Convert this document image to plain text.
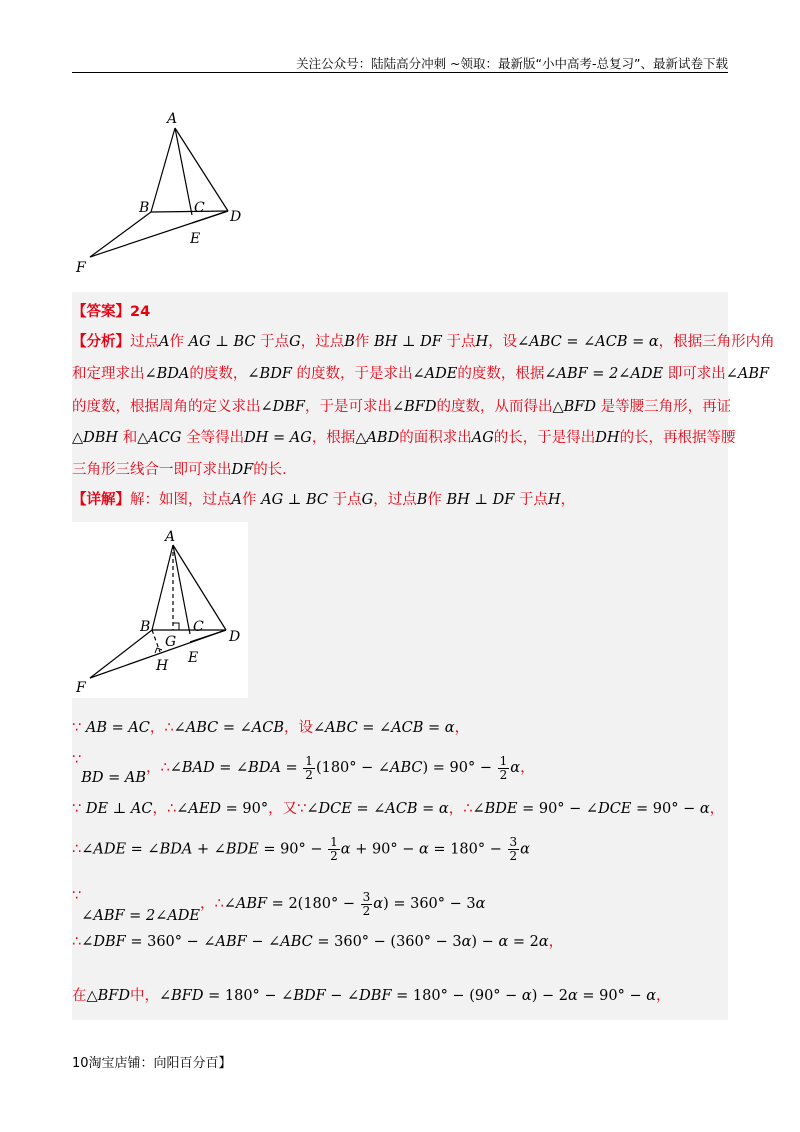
关注公众号：陆陆高分冲刺 ~领取：最新版“小中高考-总复习”、最新试卷下载
A
B	C
D
E
F
【答案】24
【分析】过点A作 AG ⊥ BC 于点G，过点B作 BH ⊥ DF 于点H，设∠ABC = ∠ACB = α，根据三角形内角
和定理求出∠BDA的度数，∠BDF 的度数，于是求出∠ADE的度数，根据∠ABF = 2∠ADE 即可求出∠ABF
的度数，根据周角的定义求出∠DBF，于是可求出∠BFD的度数，从而得出△BFD 是等腰三角形，再证
△DBH 和△ACG 全等得出DH = AG，根据△ABD的面积求出AG的长，于是得出DH的长，再根据等腰
三角形三线合一即可求出DF的长.
【详解】解：如图，过点A作 AG ⊥ BC 于点G，过点B作 BH ⊥ DF 于点H，
A
B	C
D
E
G
H
F
∵ AB = AC，∴∠ABC = ∠ACB，设∠ABC = ∠ACB = α，
∵BD = AB，∴∠BAD = ∠BDA = $\frac{1}{2} (180^\circ$ − ∠ABC) = $90^\circ - \frac{1}{2}$ α，
∵ DE ⊥ AC，∴∠AED = 90°，又∵∠DCE = ∠ACB = α，∴∠BDE = 90° − ∠DCE = 90° − α，
∴∠ADE = ∠BDA + ∠BDE = $90^\circ - \frac{1}{2}$ $\alpha + 90^\circ - \alpha = 180^\circ - \frac{3}{2}$ α
∵∠ABF = 2∠ADE，∴∠ABF = $2(180^\circ - \frac{3}{2} \alpha) = 360^\circ - 3\alpha$
∴∠DBF = 360° − ∠ABF − ∠ABC = 360° − (360° − 3α) − α = 2α，
在△BFD中，∠BFD = 180° − ∠BDF − ∠DBF = 180° − (90° − α) − 2α = 90° − α，
10淘宝店铺：向阳百分百】
